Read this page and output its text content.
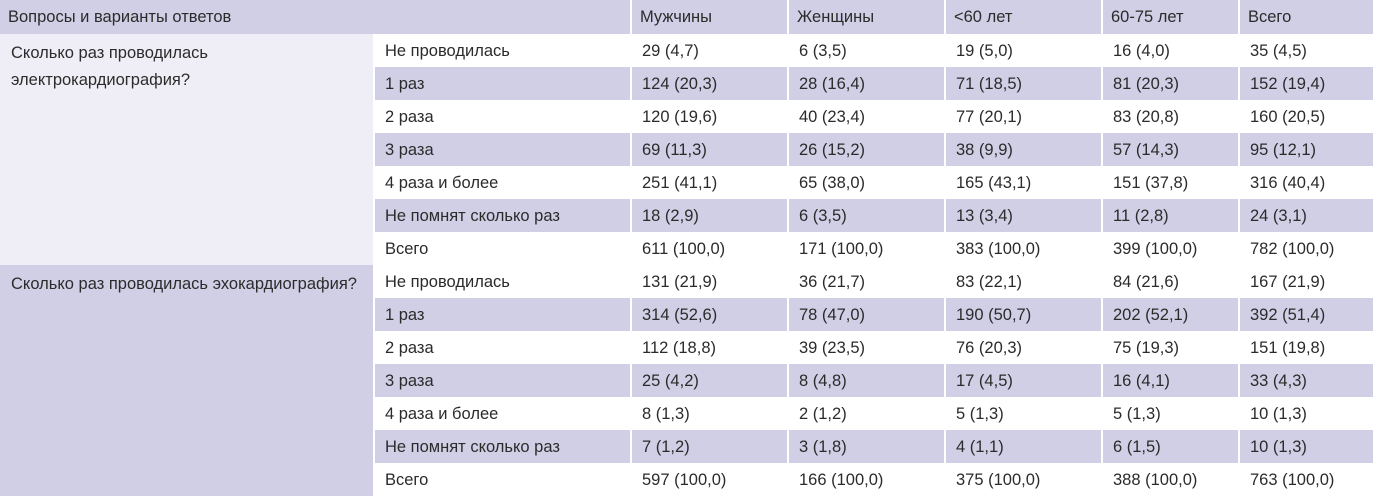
Вопросы и варианты ответов		Мужчины	Женщины	<60 лет	60-75 лет	Всего
Сколько раз проводилась электрокардиография?	Не проводилась	29 (4,7)	6 (3,5)	19 (5,0)	16 (4,0)	35 (4,5)
	1 раз	124 (20,3)	28 (16,4)	71 (18,5)	81 (20,3)	152 (19,4)
	2 раза	120 (19,6)	40 (23,4)	77 (20,1)	83 (20,8)	160 (20,5)
	3 раза	69 (11,3)	26 (15,2)	38 (9,9)	57 (14,3)	95 (12,1)
	4 раза и более	251 (41,1)	65 (38,0)	165 (43,1)	151 (37,8)	316 (40,4)
	Не помнят сколько раз	18 (2,9)	6 (3,5)	13 (3,4)	11 (2,8)	24 (3,1)
	Всего	611 (100,0)	171 (100,0)	383 (100,0)	399 (100,0)	782 (100,0)
Сколько раз проводилась эхокардиография?	Не проводилась	131 (21,9)	36 (21,7)	83 (22,1)	84 (21,6)	167 (21,9)
	1 раз	314 (52,6)	78 (47,0)	190 (50,7)	202 (52,1)	392 (51,4)
	2 раза	112 (18,8)	39 (23,5)	76 (20,3)	75 (19,3)	151 (19,8)
	3 раза	25 (4,2)	8 (4,8)	17 (4,5)	16 (4,1)	33 (4,3)
	4 раза и более	8 (1,3)	2 (1,2)	5 (1,3)	5 (1,3)	10 (1,3)
	Не помнят сколько раз	7 (1,2)	3 (1,8)	4 (1,1)	6 (1,5)	10 (1,3)
	Всего	597 (100,0)	166 (100,0)	375 (100,0)	388 (100,0)	763 (100,0)
